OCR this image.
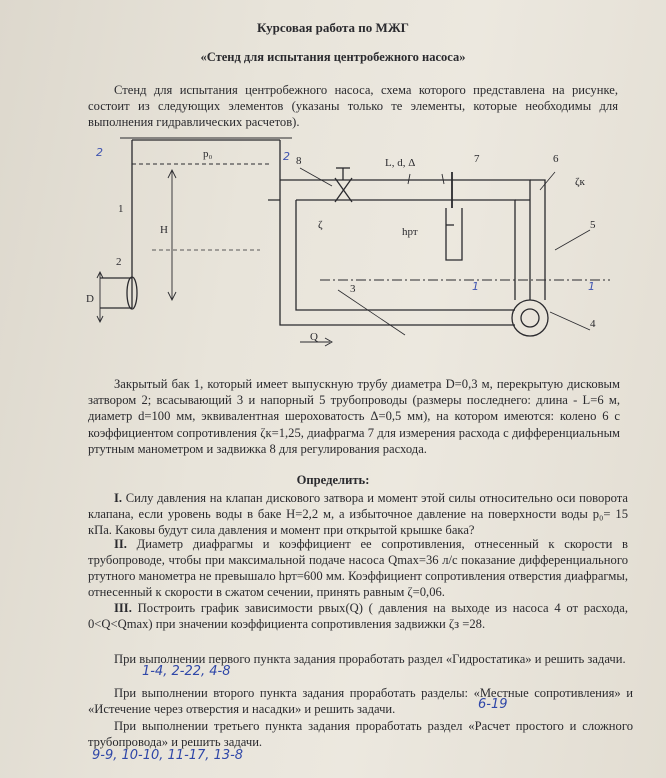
Курсовая работа по МЖГ
«Стенд для испытания центробежного насоса»

Стенд для испытания центробежного насоса, схема которого представлена на рисунке, состоит из следующих элементов (указаны только те элементы, которые необходимы для выполнения гидравлических расчетов).

p₀
H
D
Q
L, d, Δ
ζ
ζк
hрт
1
2
3
4
5
6
7
8
2	2
1	1

Закрытый бак 1, который имеет выпускную трубу диаметра D=0,3 м, перекрытую дисковым затвором 2; всасывающий 3 и напорный 5 трубопроводы (размеры последнего: длина - L=6 м, диаметр d=100 мм, эквивалентная шероховатость Δ=0,5 мм), на котором имеются: колено 6 с коэффициентом сопротивления ζк=1,25, диафрагма 7 для измерения расхода с дифференциальным ртутным манометром и задвижка 8 для регулирования расхода.

Определить:

I. Силу давления на клапан дискового затвора и момент этой силы относительно оси поворота клапана, если уровень воды в баке H=2,2 м, а избыточное давление на поверхности воды p₀= 15 кПа. Каковы будут сила давления и момент при открытой крышке бака?

II. Диаметр диафрагмы и коэффициент ее сопротивления, отнесенный к скорости в трубопроводе, чтобы при максимальной подаче насоса Qmax=36 л/с показание дифференциального ртутного манометра не превышало hрт=600 мм. Коэффициент сопротивления отверстия диафрагмы, отнесенный к скорости в сжатом сечении, принять равным ζ=0,06.

III. Построить график зависимости pвых(Q) ( давления на выходе из насоса 4 от расхода, 0<Q<Qmax) при значении коэффициента сопротивления задвижки ζз =28.

При выполнении первого пункта задания проработать раздел «Гидростатика» и решить задачи.

При выполнении второго пункта задания проработать разделы: «Местные сопротивления» и «Истечение через отверстия и насадки» и решить задачи.

При выполнении третьего пункта задания проработать раздел «Расчет простого и сложного трубопровода» и решить задачи.

1-4, 2-22, 4-8
6-19
9-9, 10-10, 11-17, 13-8
